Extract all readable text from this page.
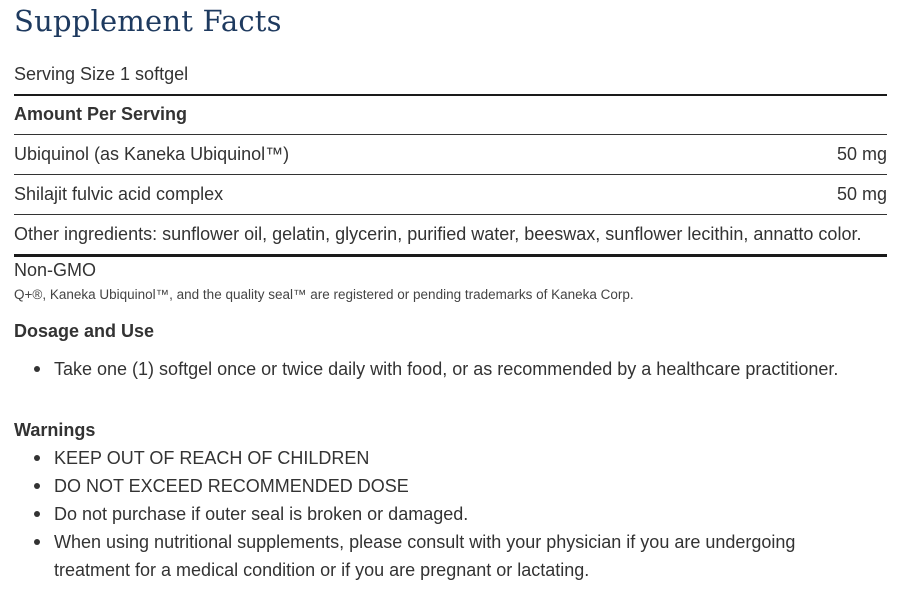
Supplement Facts
Serving Size 1 softgel
Amount Per Serving
Ubiquinol (as Kaneka Ubiquinol™)	50 mg
Shilajit fulvic acid complex	50 mg
Other ingredients: sunflower oil, gelatin, glycerin, purified water, beeswax, sunflower lecithin, annatto color.
Non-GMO
Q+®, Kaneka Ubiquinol™, and the quality seal™ are registered or pending trademarks of Kaneka Corp.
Dosage and Use
Take one (1) softgel once or twice daily with food, or as recommended by a healthcare practitioner.
Warnings
KEEP OUT OF REACH OF CHILDREN
DO NOT EXCEED RECOMMENDED DOSE
Do not purchase if outer seal is broken or damaged.
When using nutritional supplements, please consult with your physician if you are undergoing treatment for a medical condition or if you are pregnant or lactating.
